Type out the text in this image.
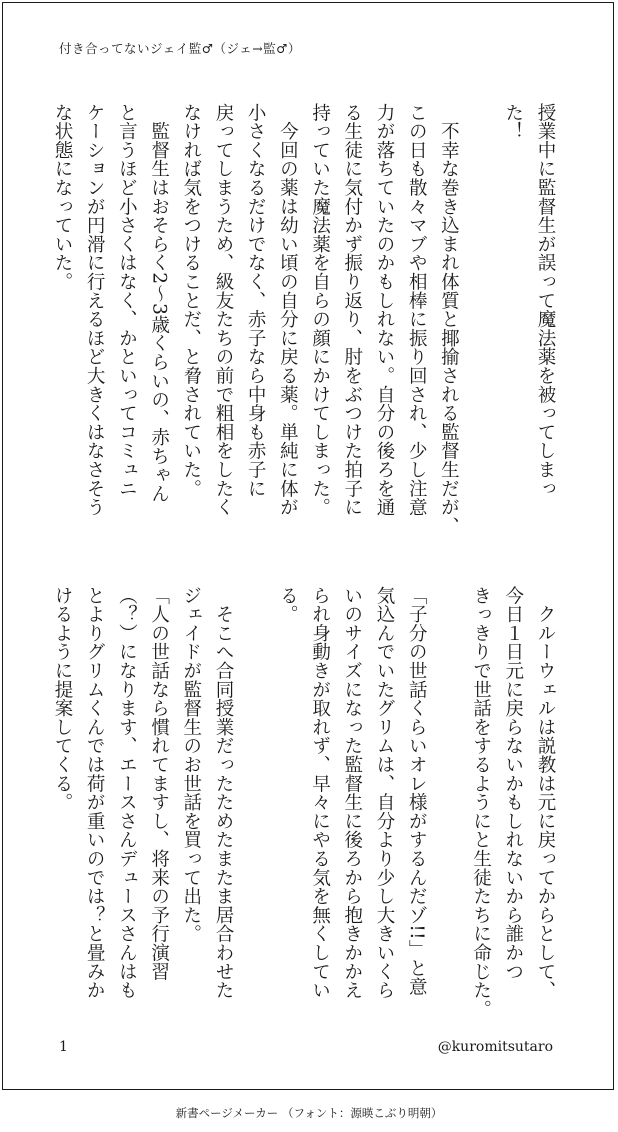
付き合ってないジェイ監♂（ジェ→監♂）

授業中に監督生が誤って魔法薬を被ってしまっ

た！

　不幸な巻き込まれ体質と揶揄される監督生だが、

この日も散々マブや相棒に振り回され、少し注意

力が落ちていたのかもしれない。自分の後ろを通

る生徒に気付かず振り返り、肘をぶつけた拍子に

持っていた魔法薬を自らの顔にかけてしまった。

　今回の薬は幼い頃の自分に戻る薬。単純に体が

小さくなるだけでなく、赤子なら中身も赤子に

戻ってしまうため、級友たちの前で粗相をしたく

なければ気をつけることだ、と脅されていた。

　監督生はおそらく2～3歳くらいの、赤ちゃん

と言うほど小さくはなく、かといってコミュニ

ケーションが円滑に行えるほど大きくはなさそう

な状態になっていた。

　クルーウェルは説教は元に戻ってからとして、

今日１日元に戻らないかもしれないから誰かつ

きっきりで世話をするようにと生徒たちに命じた。

「子分の世話くらいオレ様がするんだゾ!!」と意

気込んでいたグリムは、自分より少し大きいくら

いのサイズになった監督生に後ろから抱きかかえ

られ身動きが取れず、早々にやる気を無くしてい

る。

　そこへ合同授業だったためたまたま居合わせた

ジェイドが監督生のお世話を買って出た。

「人の世話なら慣れてますし、将来の予行演習

（？）になります、エースさんデュースさんはも

とよりグリムくんでは荷が重いのでは？と畳みか

けるように提案してくる。

1	@kuromitsutaro
新書ページメーカー （フォント：源暎こぶり明朝）
